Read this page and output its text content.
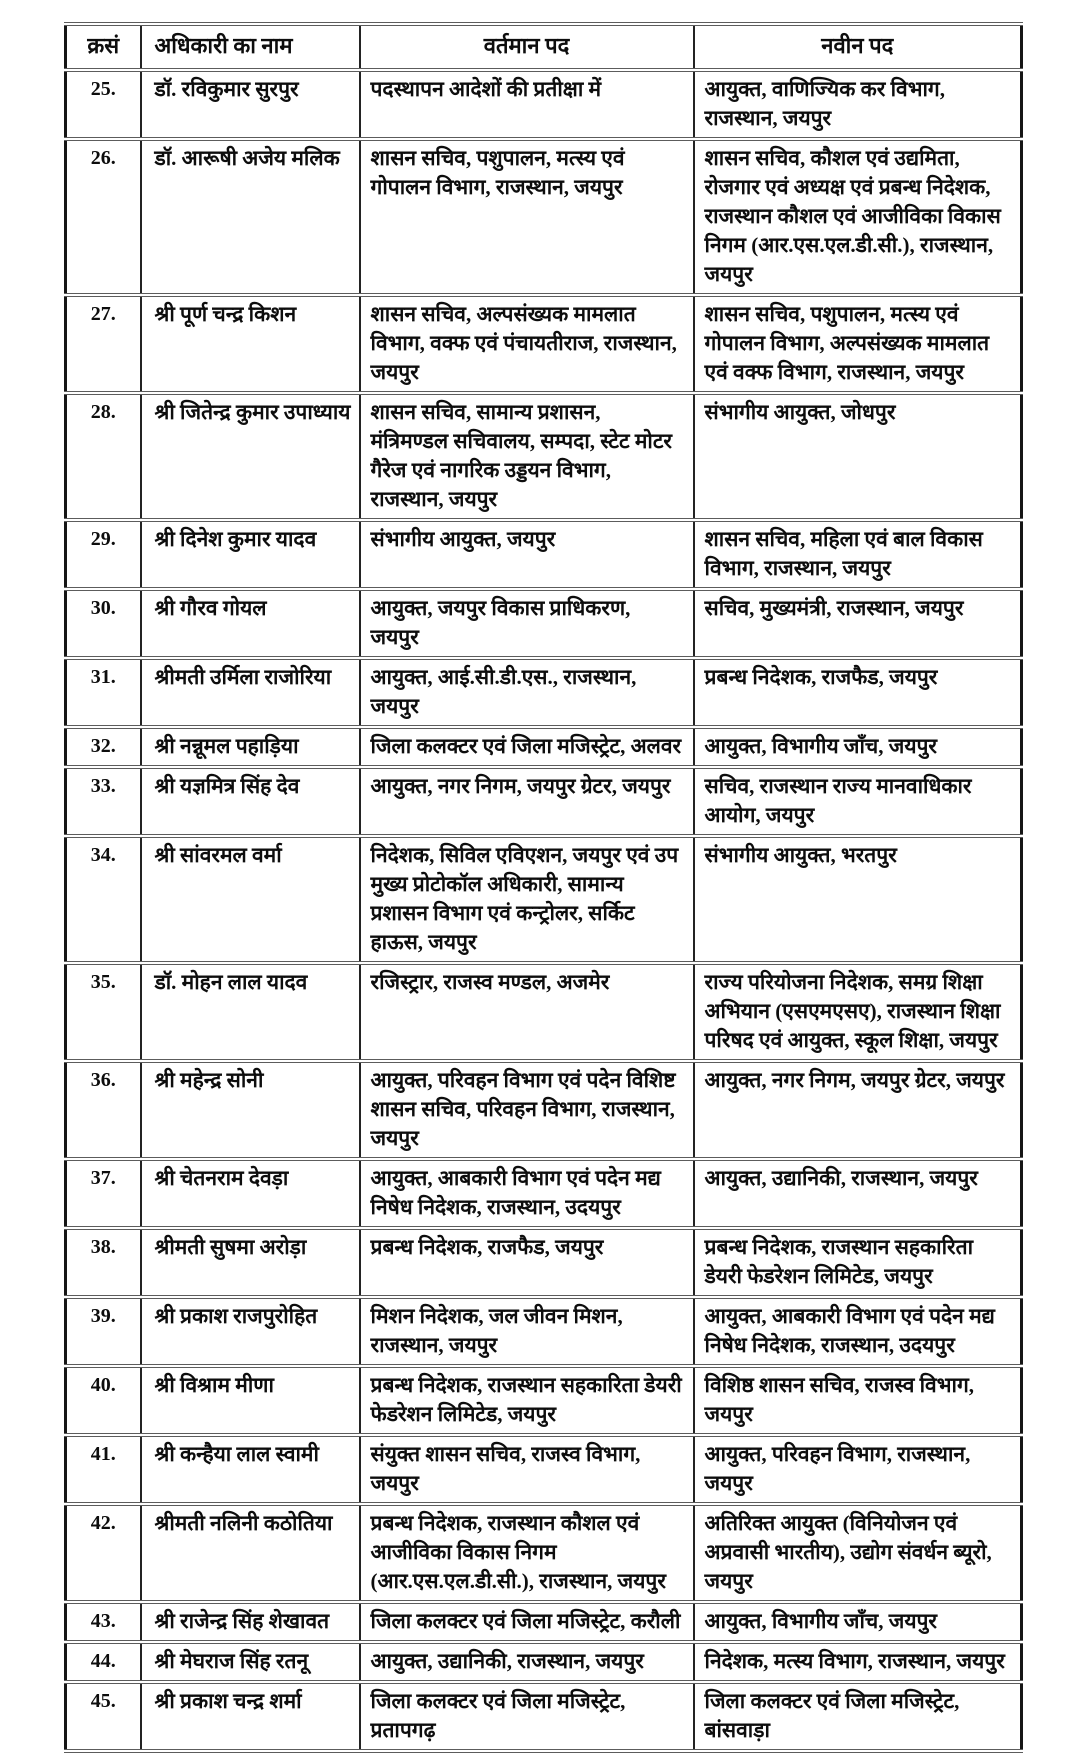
क्रसं	अधिकारी का नाम	वर्तमान पद	नवीन पद
25.	डॉ. रविकुमार सुरपुर	पदस्थापन आदेशों की प्रतीक्षा में	आयुक्त, वाणिज्यिक कर विभाग, राजस्थान, जयपुर
26.	डॉ. आरूषी अजेय मलिक	शासन सचिव, पशुपालन, मत्स्य एवं गोपालन विभाग, राजस्थान, जयपुर	शासन सचिव, कौशल एवं उद्यमिता, रोजगार एवं अध्यक्ष एवं प्रबन्ध निदेशक, राजस्थान कौशल एवं आजीविका विकास निगम (आर.एस.एल.डी.सी.), राजस्थान, जयपुर
27.	श्री पूर्ण चन्द्र किशन	शासन सचिव, अल्पसंख्यक मामलात विभाग, वक्फ एवं पंचायतीराज, राजस्थान, जयपुर	शासन सचिव, पशुपालन, मत्स्य एवं गोपालन विभाग, अल्पसंख्यक मामलात एवं वक्फ विभाग, राजस्थान, जयपुर
28.	श्री जितेन्द्र कुमार उपाध्याय	शासन सचिव, सामान्य प्रशासन, मंत्रिमण्डल सचिवालय, सम्पदा, स्टेट मोटर गैरेज एवं नागरिक उड्डयन विभाग, राजस्थान, जयपुर	संभागीय आयुक्त, जोधपुर
29.	श्री दिनेश कुमार यादव	संभागीय आयुक्त, जयपुर	शासन सचिव, महिला एवं बाल विकास विभाग, राजस्थान, जयपुर
30.	श्री गौरव गोयल	आयुक्त, जयपुर विकास प्राधिकरण, जयपुर	सचिव, मुख्यमंत्री, राजस्थान, जयपुर
31.	श्रीमती उर्मिला राजोरिया	आयुक्त, आई.सी.डी.एस., राजस्थान, जयपुर	प्रबन्ध निदेशक, राजफैड, जयपुर
32.	श्री नन्नूमल पहाड़िया	जिला कलक्टर एवं जिला मजिस्ट्रेट, अलवर	आयुक्त, विभागीय जॉंच, जयपुर
33.	श्री यज्ञमित्र सिंह देव	आयुक्त, नगर निगम, जयपुर ग्रेटर, जयपुर	सचिव, राजस्थान राज्य मानवाधिकार आयोग, जयपुर
34.	श्री सांवरमल वर्मा	निदेशक, सिविल एविएशन, जयपुर एवं उप मुख्य प्रोटोकॉल अधिकारी, सामान्य प्रशासन विभाग एवं कन्ट्रोलर, सर्किट हाऊस, जयपुर	संभागीय आयुक्त, भरतपुर
35.	डॉ. मोहन लाल यादव	रजिस्ट्रार, राजस्व मण्डल, अजमेर	राज्य परियोजना निदेशक, समग्र शिक्षा अभियान (एसएमएसए), राजस्थान शिक्षा परिषद एवं आयुक्त, स्कूल शिक्षा, जयपुर
36.	श्री महेन्द्र सोनी	आयुक्त, परिवहन विभाग एवं पदेन विशिष्ट शासन सचिव, परिवहन विभाग, राजस्थान, जयपुर	आयुक्त, नगर निगम, जयपुर ग्रेटर, जयपुर
37.	श्री चेतनराम देवड़ा	आयुक्त, आबकारी विभाग एवं पदेन मद्य निषेध निदेशक, राजस्थान, उदयपुर	आयुक्त, उद्यानिकी, राजस्थान, जयपुर
38.	श्रीमती सुषमा अरोड़ा	प्रबन्ध निदेशक, राजफैड, जयपुर	प्रबन्ध निदेशक, राजस्थान सहकारिता डेयरी फेडरेशन लिमिटेड, जयपुर
39.	श्री प्रकाश राजपुरोहित	मिशन निदेशक, जल जीवन मिशन, राजस्थान, जयपुर	आयुक्त, आबकारी विभाग एवं पदेन मद्य निषेध निदेशक, राजस्थान, उदयपुर
40.	श्री विश्राम मीणा	प्रबन्ध निदेशक, राजस्थान सहकारिता डेयरी फेडरेशन लिमिटेड, जयपुर	विशिष्ठ शासन सचिव, राजस्व विभाग, जयपुर
41.	श्री कन्हैया लाल स्वामी	संयुक्त शासन सचिव, राजस्व विभाग, जयपुर	आयुक्त, परिवहन विभाग, राजस्थान, जयपुर
42.	श्रीमती नलिनी कठोतिया	प्रबन्ध निदेशक, राजस्थान कौशल एवं आजीविका विकास निगम (आर.एस.एल.डी.सी.), राजस्थान, जयपुर	अतिरिक्त आयुक्त (विनियोजन एवं अप्रवासी भारतीय), उद्योग संवर्धन ब्यूरो, जयपुर
43.	श्री राजेन्द्र सिंह शेखावत	जिला कलक्टर एवं जिला मजिस्ट्रेट, करौली	आयुक्त, विभागीय जॉंच, जयपुर
44.	श्री मेघराज सिंह रतनू	आयुक्त, उद्यानिकी, राजस्थान, जयपुर	निदेशक, मत्स्य विभाग, राजस्थान, जयपुर
45.	श्री प्रकाश चन्द्र शर्मा	जिला कलक्टर एवं जिला मजिस्ट्रेट, प्रतापगढ़	जिला कलक्टर एवं जिला मजिस्ट्रेट, बांसवाड़ा
